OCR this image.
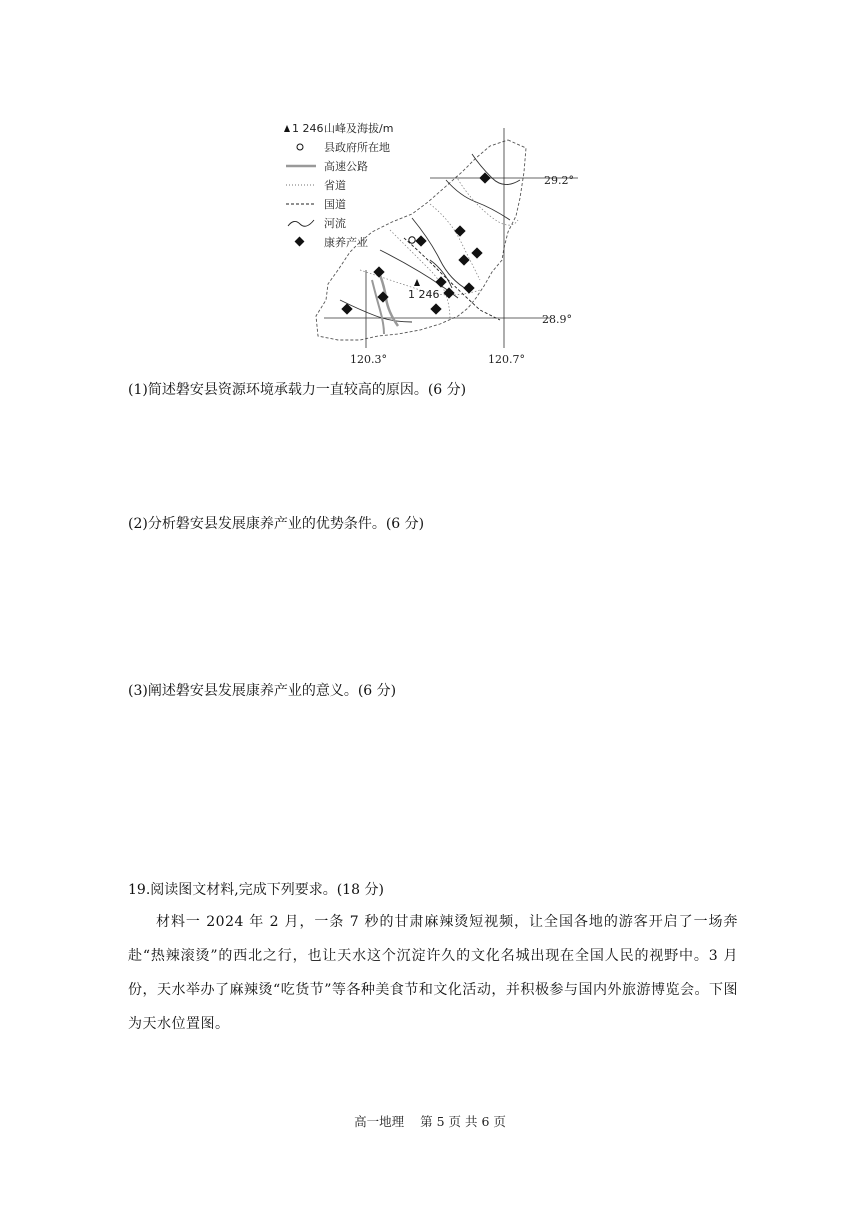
1 246 山峰及海拔/m
县政府所在地
高速公路
省道
国道
河流
康养产业
1 246
29.2°
28.9°
120.3°	120.7°
(1)简述磐安县资源环境承载力一直较高的原因。(6 分)
(2)分析磐安县发展康养产业的优势条件。(6 分)
(3)阐述磐安县发展康养产业的意义。(6 分)
19.阅读图文材料,完成下列要求。(18 分)

材料一 2024 年 2 月，一条 7 秒的甘肃麻辣烫短视频，让全国各地的游客开启了一场奔赴“热辣滚烫”的西北之行，也让天水这个沉淀许久的文化名城出现在全国人民的视野中。3 月份，天水举办了麻辣烫“吃货节”等各种美食节和文化活动，并积极参与国内外旅游博览会。下图为天水位置图。

高一地理 第 5 页 共 6 页
